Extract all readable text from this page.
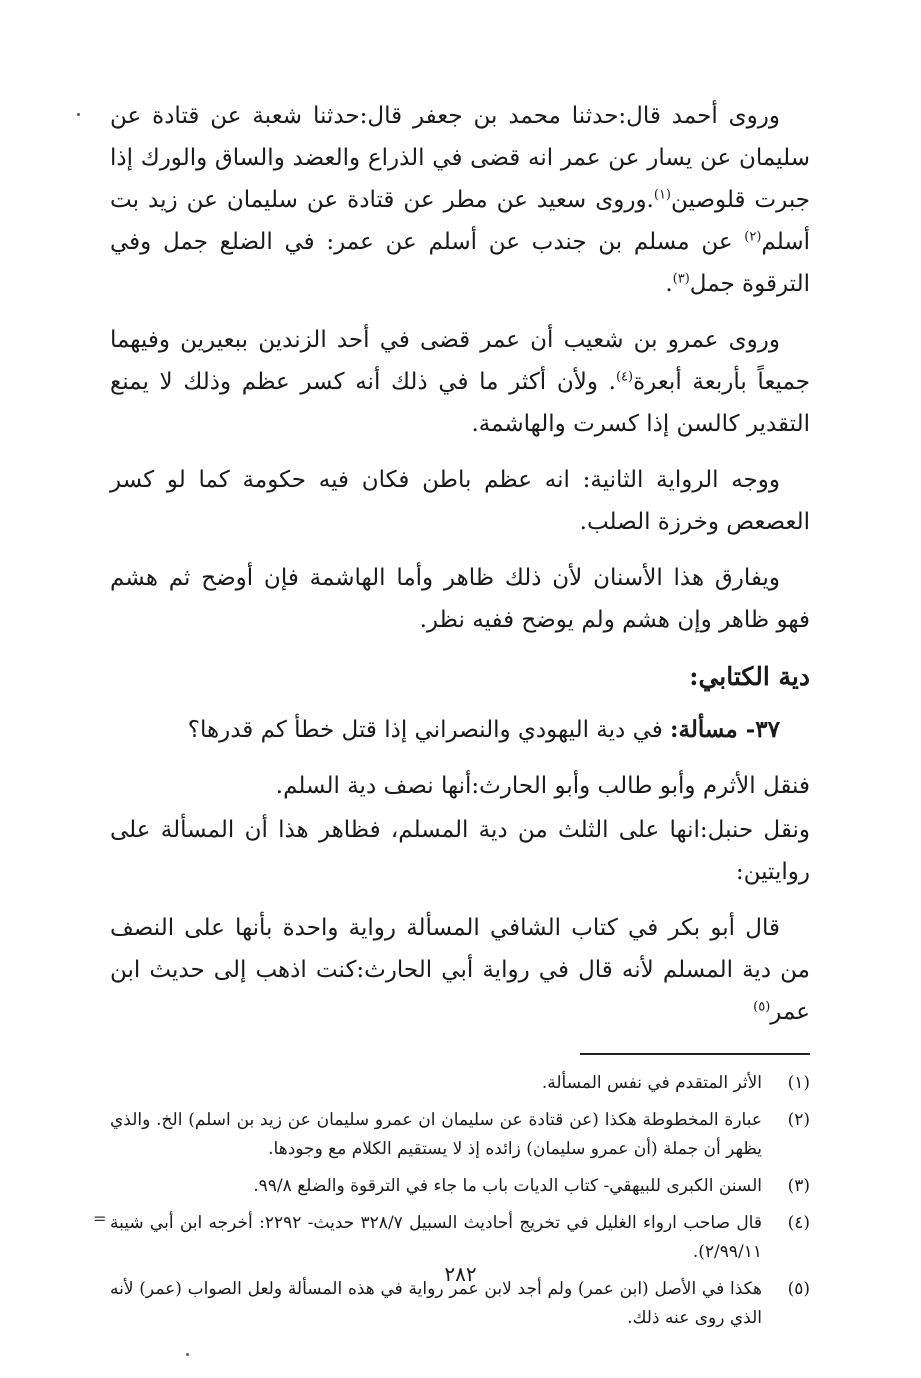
وروى أحمد قال:حدثنا محمد بن جعفر قال:حدثنا شعبة عن قتادة عن سليمان عن يسار عن عمر انه قضى في الذراع والعضد والساق والورك إذا جبرت قلوصين$^{(١)}$.وروى سعيد عن مطر عن قتادة عن سليمان عن زيد بت أسلم$^{(٢)}$ عن مسلم بن جندب عن أسلم عن عمر: في الضلع جمل وفي الترقوة جمل$^{(٣)}$.

وروى عمرو بن شعيب أن عمر قضى في أحد الزندين ببعيرين وفيهما جميعاً بأربعة أبعرة$^{(٤)}$. ولأن أكثر ما في ذلك أنه كسر عظم وذلك لا يمنع التقدير كالسن إذا كسرت والهاشمة.

ووجه الرواية الثانية: انه عظم باطن فكان فيه حكومة كما لو كسر العصعص وخرزة الصلب.

ويفارق هذا الأسنان لأن ذلك ظاهر وأما الهاشمة فإن أوضح ثم هشم فهو ظاهر وإن هشم ولم يوضح ففيه نظر.

دية الكتابي:

٣٧- مسألة: في دية اليهودي والنصراني إذا قتل خطأ كم قدرها؟

فنقل الأثرم وأبو طالب وأبو الحارث:أنها نصف دية السلم.

ونقل حنبل:انها على الثلث من دية المسلم، فظاهر هذا أن المسألة على روايتين:

قال أبو بكر في كتاب الشافي المسألة رواية واحدة بأنها على النصف من دية المسلم لأنه قال في رواية أبي الحارث:كنت اذهب إلى حديث ابن عمر$^{(٥)}$

(١)
الأثر المتقدم في نفس المسألة.
(٢)
عبارة المخطوطة هكذا (عن قتادة عن سليمان ان عمرو سليمان عن زيد بن اسلم) الخ. والذي يظهر أن جملة (أن عمرو سليمان) زائده إذ لا يستقيم الكلام مع وجودها.
(٣)
السنن الكبرى للبيهقي- كتاب الديات باب ما جاء في الترقوة والضلع ٩٩/٨.
(٤)
قال صاحب ارواء الغليل في تخريج أحاديث السبيل ٣٢٨/٧ حديث- ٢٢٩٢: أخرجه ابن أبي شيبة ٢/٩٩/١١).
(٥)
هكذا في الأصل (ابن عمر) ولم أجد لابن عمر رواية في هذه المسألة ولعل الصواب (عمر) لأنه الذي روى عنه ذلك.
=
٢٨٢
